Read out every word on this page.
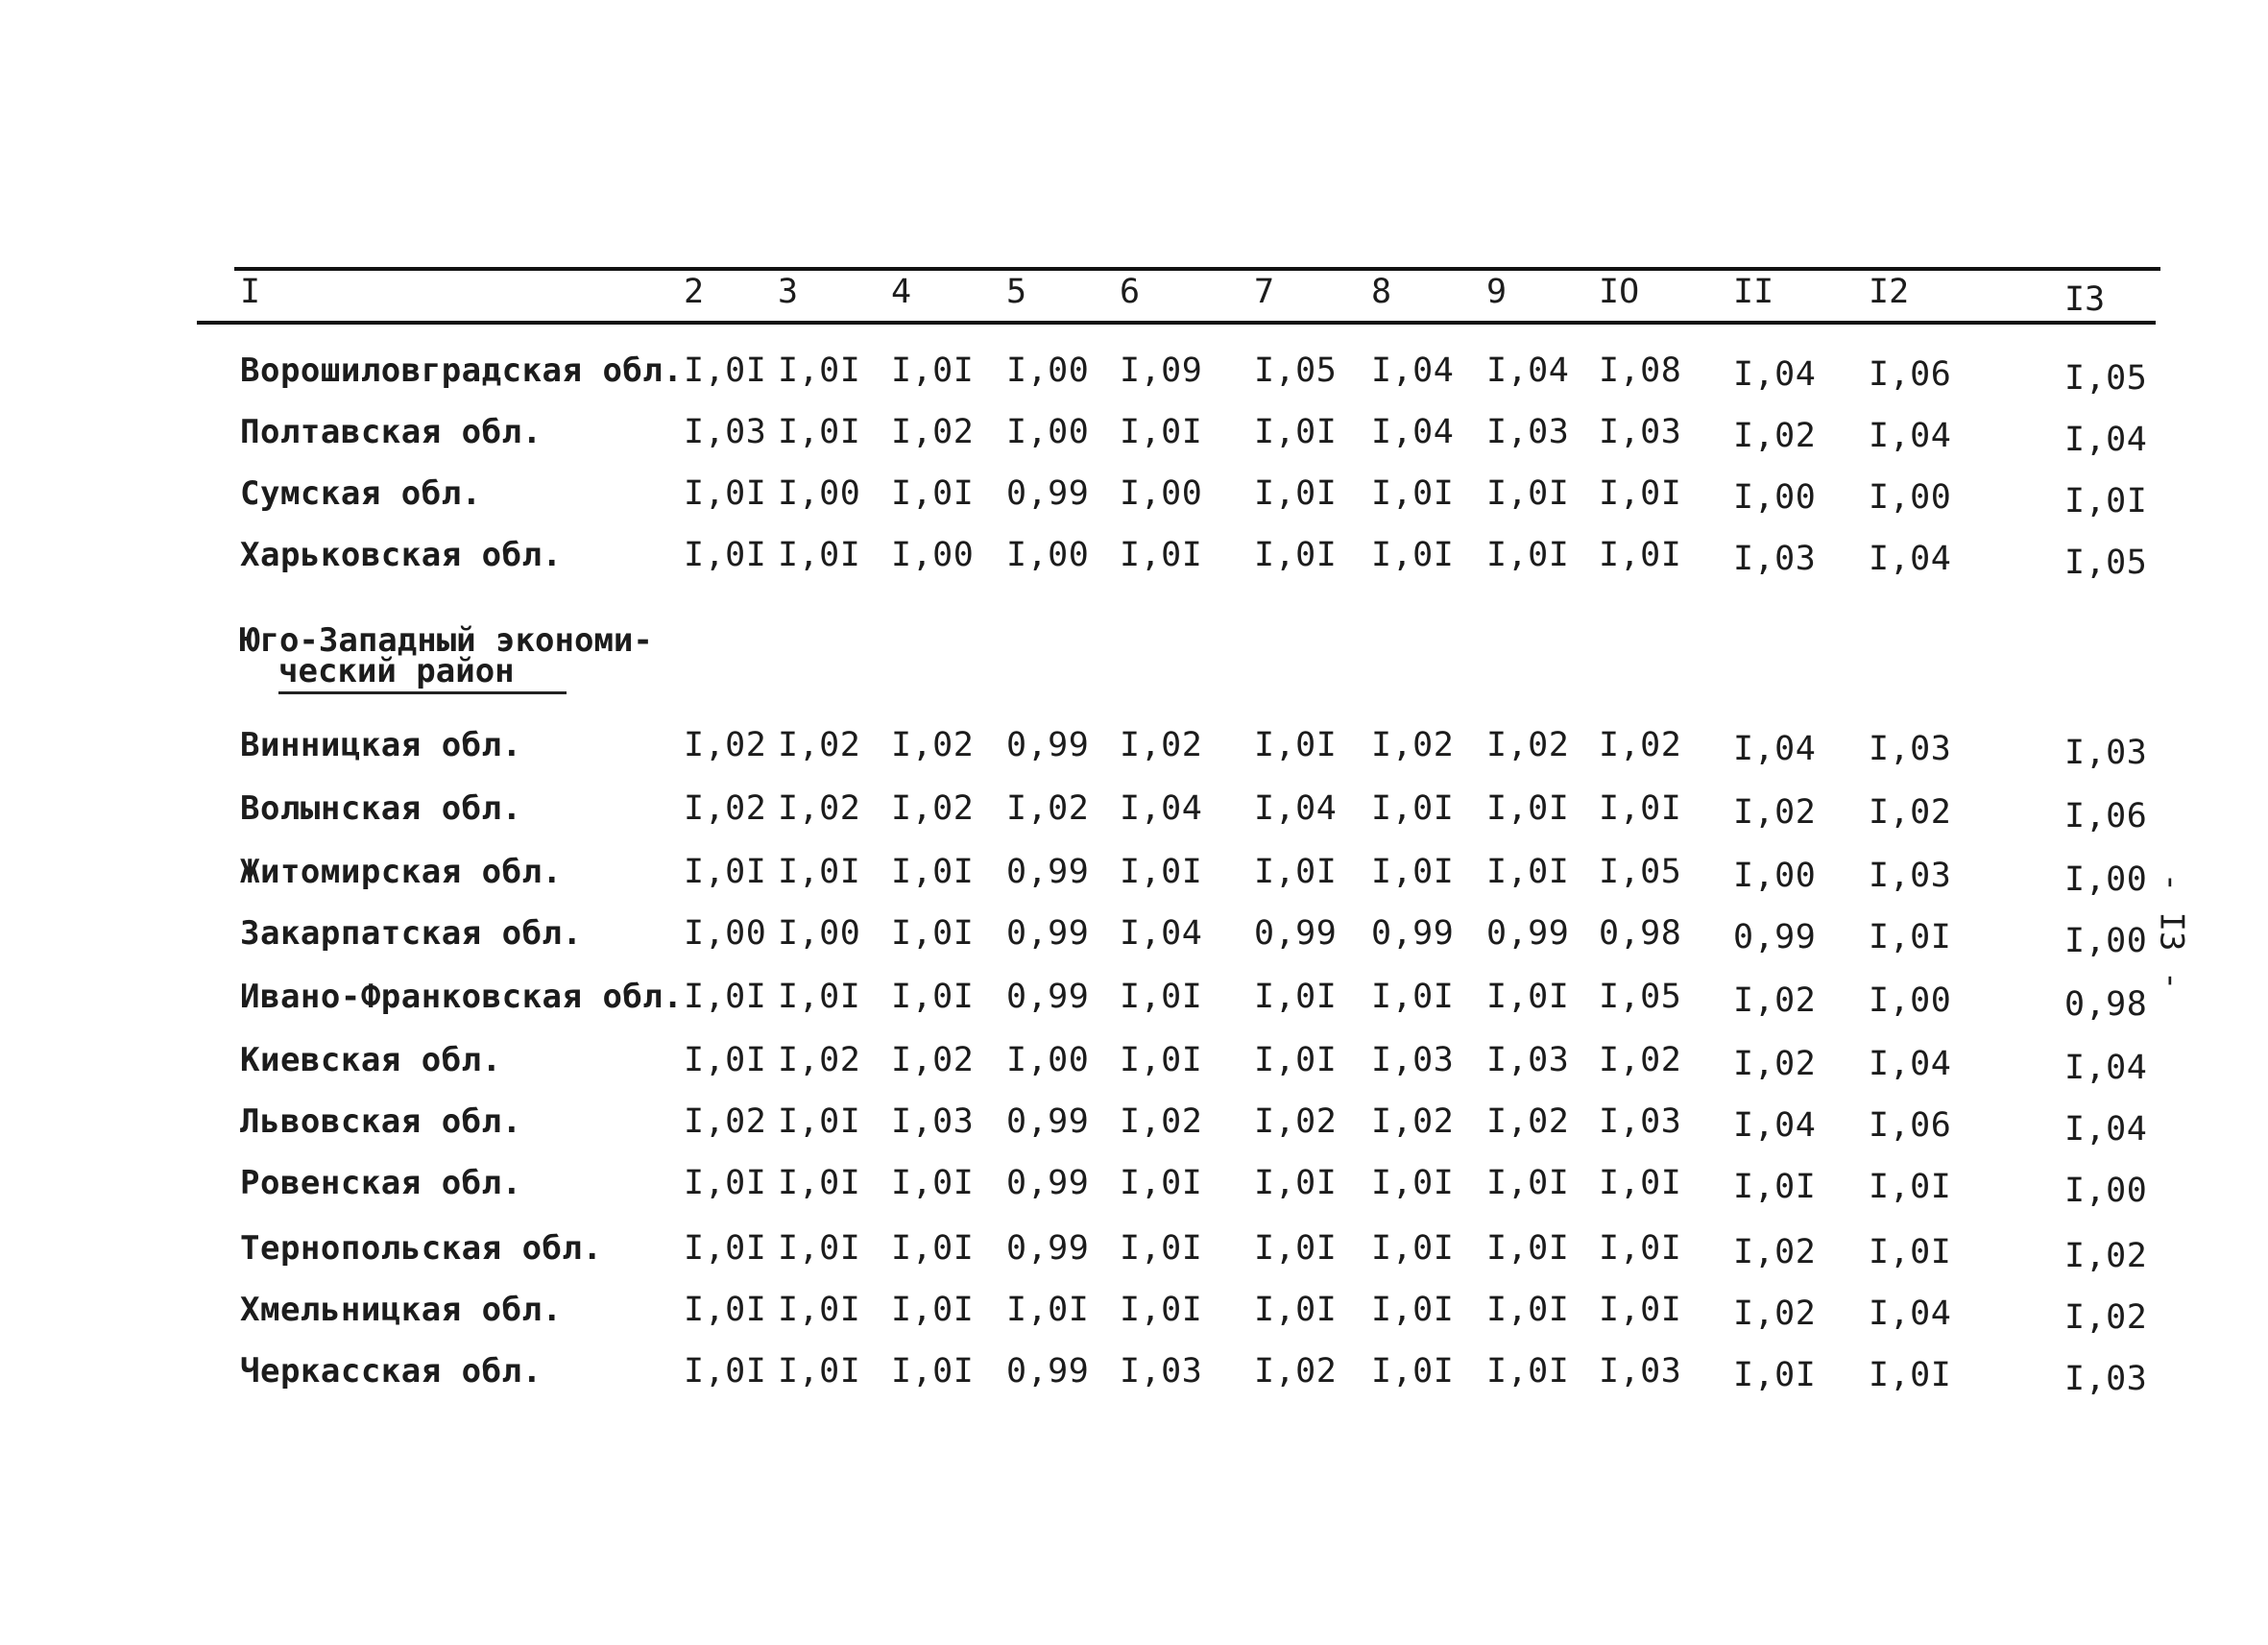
I	2 3	4	5	6	7	8	9	IO	II	I2	I3
Ворошиловградская обл. I,0I I,0I I,0I I,00 I,09 I,05 I,04 I,04 I,08 I,04 I,06	I,05
Полтавская обл.	I,03 I,0I I,02 I,00 I,0I I,0I I,04 I,03 I,03 I,02 I,04	I,04
Сумская обл.	I,0I I,00 I,0I 0,99 I,00 I,0I I,0I I,0I I,0I I,00 I,00	I,0I
Харьковская обл.	I,0I I,0I I,00 I,00 I,0I I,0I I,0I I,0I I,0I I,03 I,04	I,05
Юго-Западный экономи-
ческий район
Винницкая обл.	I,02 I,02 I,02 0,99 I,02 I,0I I,02 I,02 I,02 I,04 I,03	I,03
Волынская обл.	I,02 I,02 I,02 I,02 I,04 I,04 I,0I I,0I I,0I I,02 I,02	I,06
Житомирская обл.	I,0I I,0I I,0I 0,99 I,0I I,0I I,0I I,0I I,05 I,00 I,03	I,00
Закарпатская обл.	I,00 I,00 I,0I 0,99 I,04 0,99 0,99 0,99 0,98 0,99 I,0I	I,00
Ивано-Франковская обл. I,0I I,0I I,0I 0,99 I,0I I,0I I,0I I,0I I,05 I,02 I,00	0,98
Киевская обл.	I,0I I,02 I,02 I,00 I,0I I,0I I,03 I,03 I,02 I,02 I,04	I,04
Львовская обл.	I,02 I,0I I,03 0,99 I,02 I,02 I,02 I,02 I,03 I,04 I,06	I,04
Ровенская обл.	I,0I I,0I I,0I 0,99 I,0I I,0I I,0I I,0I I,0I I,0I I,0I	I,00
Тернопольская обл. I,0I I,0I I,0I 0,99 I,0I I,0I I,0I I,0I I,0I I,02 I,0I	I,02
Хмельницкая обл.	I,0I I,0I I,0I I,0I I,0I I,0I I,0I I,0I I,0I I,02 I,04	I,02
Черкасская обл.	I,0I I,0I I,0I 0,99 I,03 I,02 I,0I I,0I I,03 I,0I I,0I	I,03
- I3 -
